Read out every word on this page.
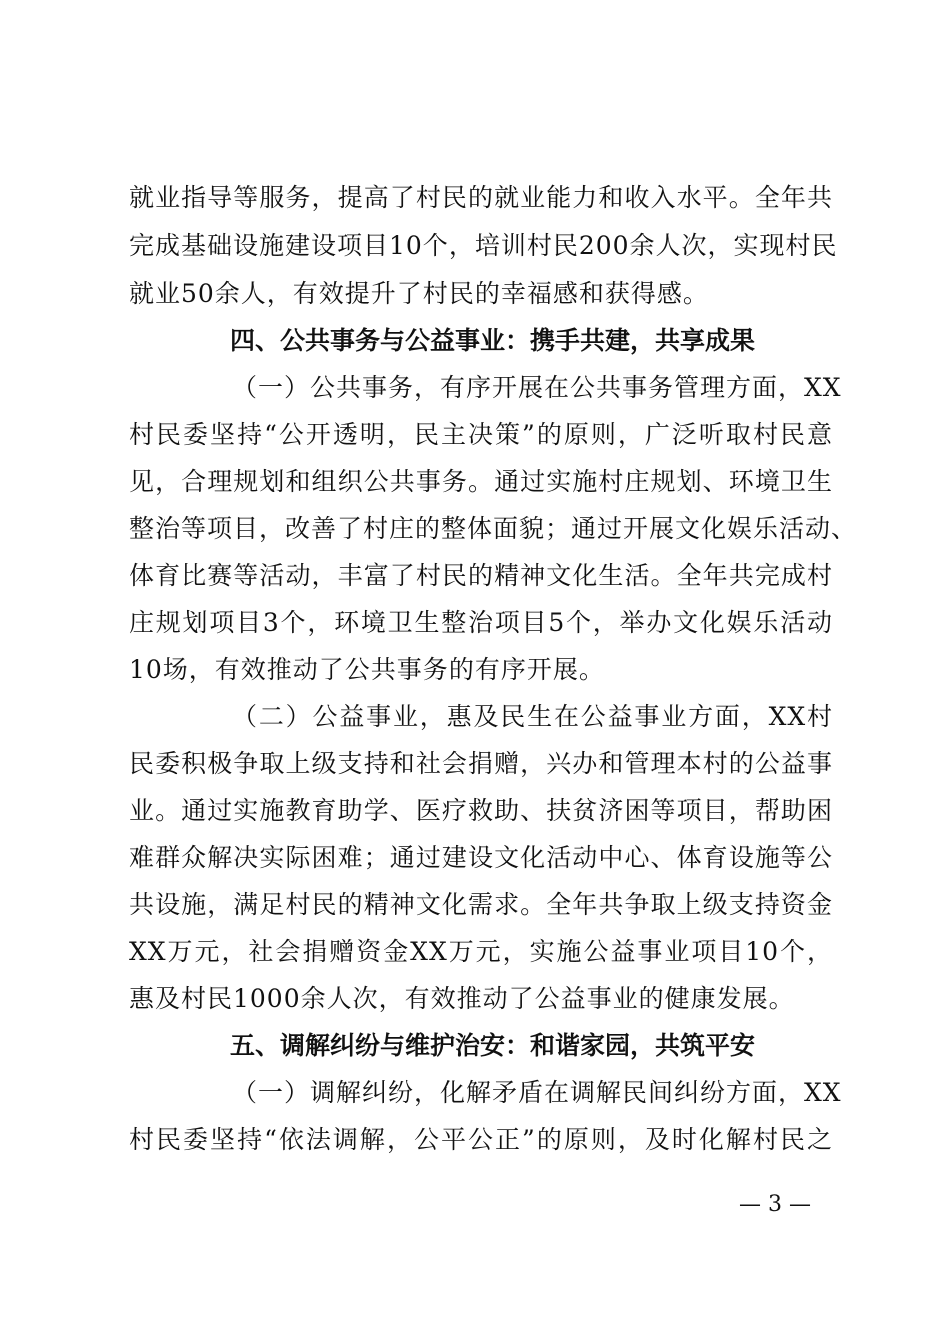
就业指导等服务，提高了村民的就业能力和收入水平。全年共
完成基础设施建设项目10个，培训村民200余人次，实现村民
就业50余人，有效提升了村民的幸福感和获得感。
四、公共事务与公益事业：携手共建，共享成果
（一）公共事务，有序开展在公共事务管理方面，XX
村民委坚持“公开透明，民主决策”的原则，广泛听取村民意
见，合理规划和组织公共事务。通过实施村庄规划、环境卫生
整治等项目，改善了村庄的整体面貌；通过开展文化娱乐活动、
体育比赛等活动，丰富了村民的精神文化生活。全年共完成村
庄规划项目3个，环境卫生整治项目5个，举办文化娱乐活动
10场，有效推动了公共事务的有序开展。
（二）公益事业，惠及民生在公益事业方面，XX村
民委积极争取上级支持和社会捐赠，兴办和管理本村的公益事
业。通过实施教育助学、医疗救助、扶贫济困等项目，帮助困
难群众解决实际困难；通过建设文化活动中心、体育设施等公
共设施，满足村民的精神文化需求。全年共争取上级支持资金
XX万元，社会捐赠资金XX万元，实施公益事业项目10个，
惠及村民1000余人次，有效推动了公益事业的健康发展。
五、调解纠纷与维护治安：和谐家园，共筑平安
（一）调解纠纷，化解矛盾在调解民间纠纷方面，XX
村民委坚持“依法调解，公平公正”的原则，及时化解村民之
— 3 —
